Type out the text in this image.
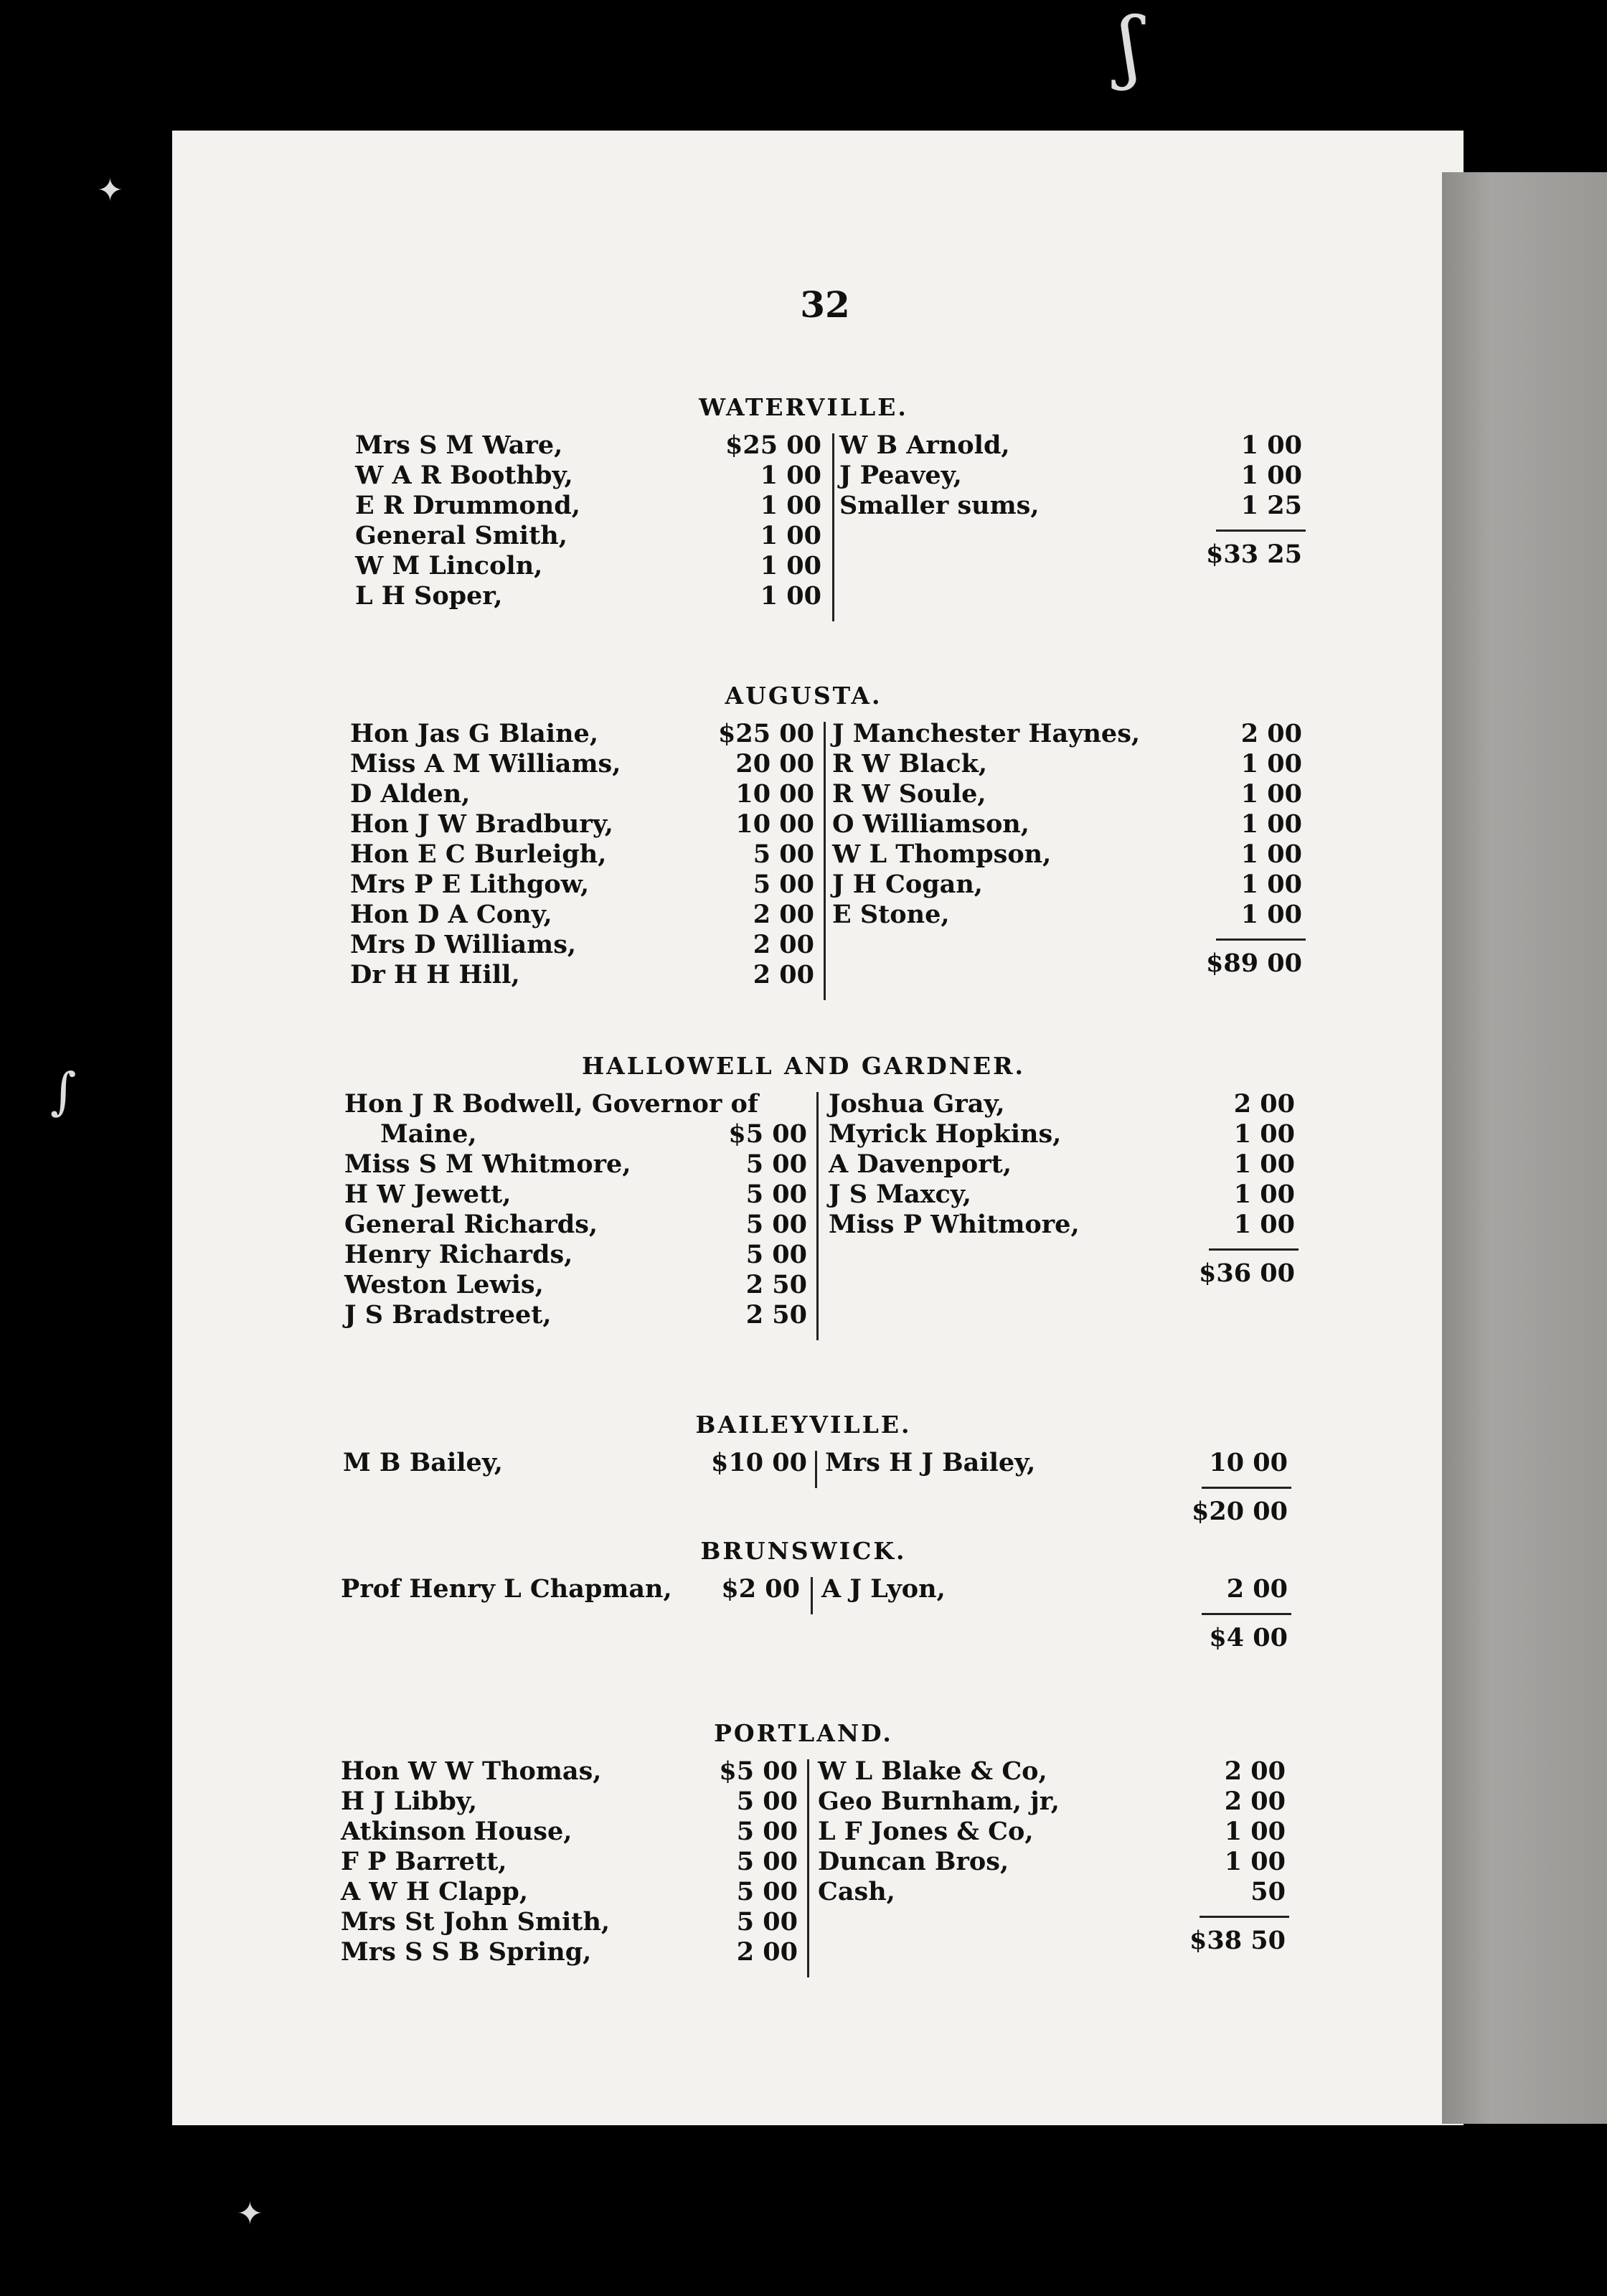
✦
∫
✦
ʃ
32
WATERVILLE.
Mrs S M Ware,	$25 00
W A R Boothby,	1 00
E R Drummond,	1 00
General Smith,	1 00
W M Lincoln,	1 00
L H Soper,	1 00
W B Arnold,	1 00
J Peavey,	1 00
Smaller sums,	1 25
$33 25
AUGUSTA.
Hon Jas G Blaine,	$25 00
Miss A M Williams,	20 00
D Alden,	10 00
Hon J W Bradbury,	10 00
Hon E C Burleigh,	5 00
Mrs P E Lithgow,	5 00
Hon D A Cony,	2 00
Mrs D Williams,	2 00
Dr H H Hill,	2 00
J Manchester Haynes,	2 00
R W Black,	1 00
R W Soule,	1 00
O Williamson,	1 00
W L Thompson,	1 00
J H Cogan,	1 00
E Stone,	1 00
$89 00
HALLOWELL AND GARDNER.
Hon J R Bodwell, Governor of
Maine,	$5 00
Miss S M Whitmore,	5 00
H W Jewett,	5 00
General Richards,	5 00
Henry Richards,	5 00
Weston Lewis,	2 50
J S Bradstreet,	2 50
Joshua Gray,	2 00
Myrick Hopkins,	1 00
A Davenport,	1 00
J S Maxcy,	1 00
Miss P Whitmore,	1 00
$36 00
BAILEYVILLE.
M B Bailey,	$10 00 Mrs H J Bailey,	10 00
$20 00
BRUNSWICK.
Prof Henry L Chapman,	$2 00 A J Lyon,	2 00
$4 00
PORTLAND.
Hon W W Thomas,	$5 00
H J Libby,	5 00
Atkinson House,	5 00
F P Barrett,	5 00
A W H Clapp,	5 00
Mrs St John Smith,	5 00
Mrs S S B Spring,	2 00
W L Blake & Co,	2 00
Geo Burnham, jr,	2 00
L F Jones & Co,	1 00
Duncan Bros,	1 00
Cash,	50
$38 50
